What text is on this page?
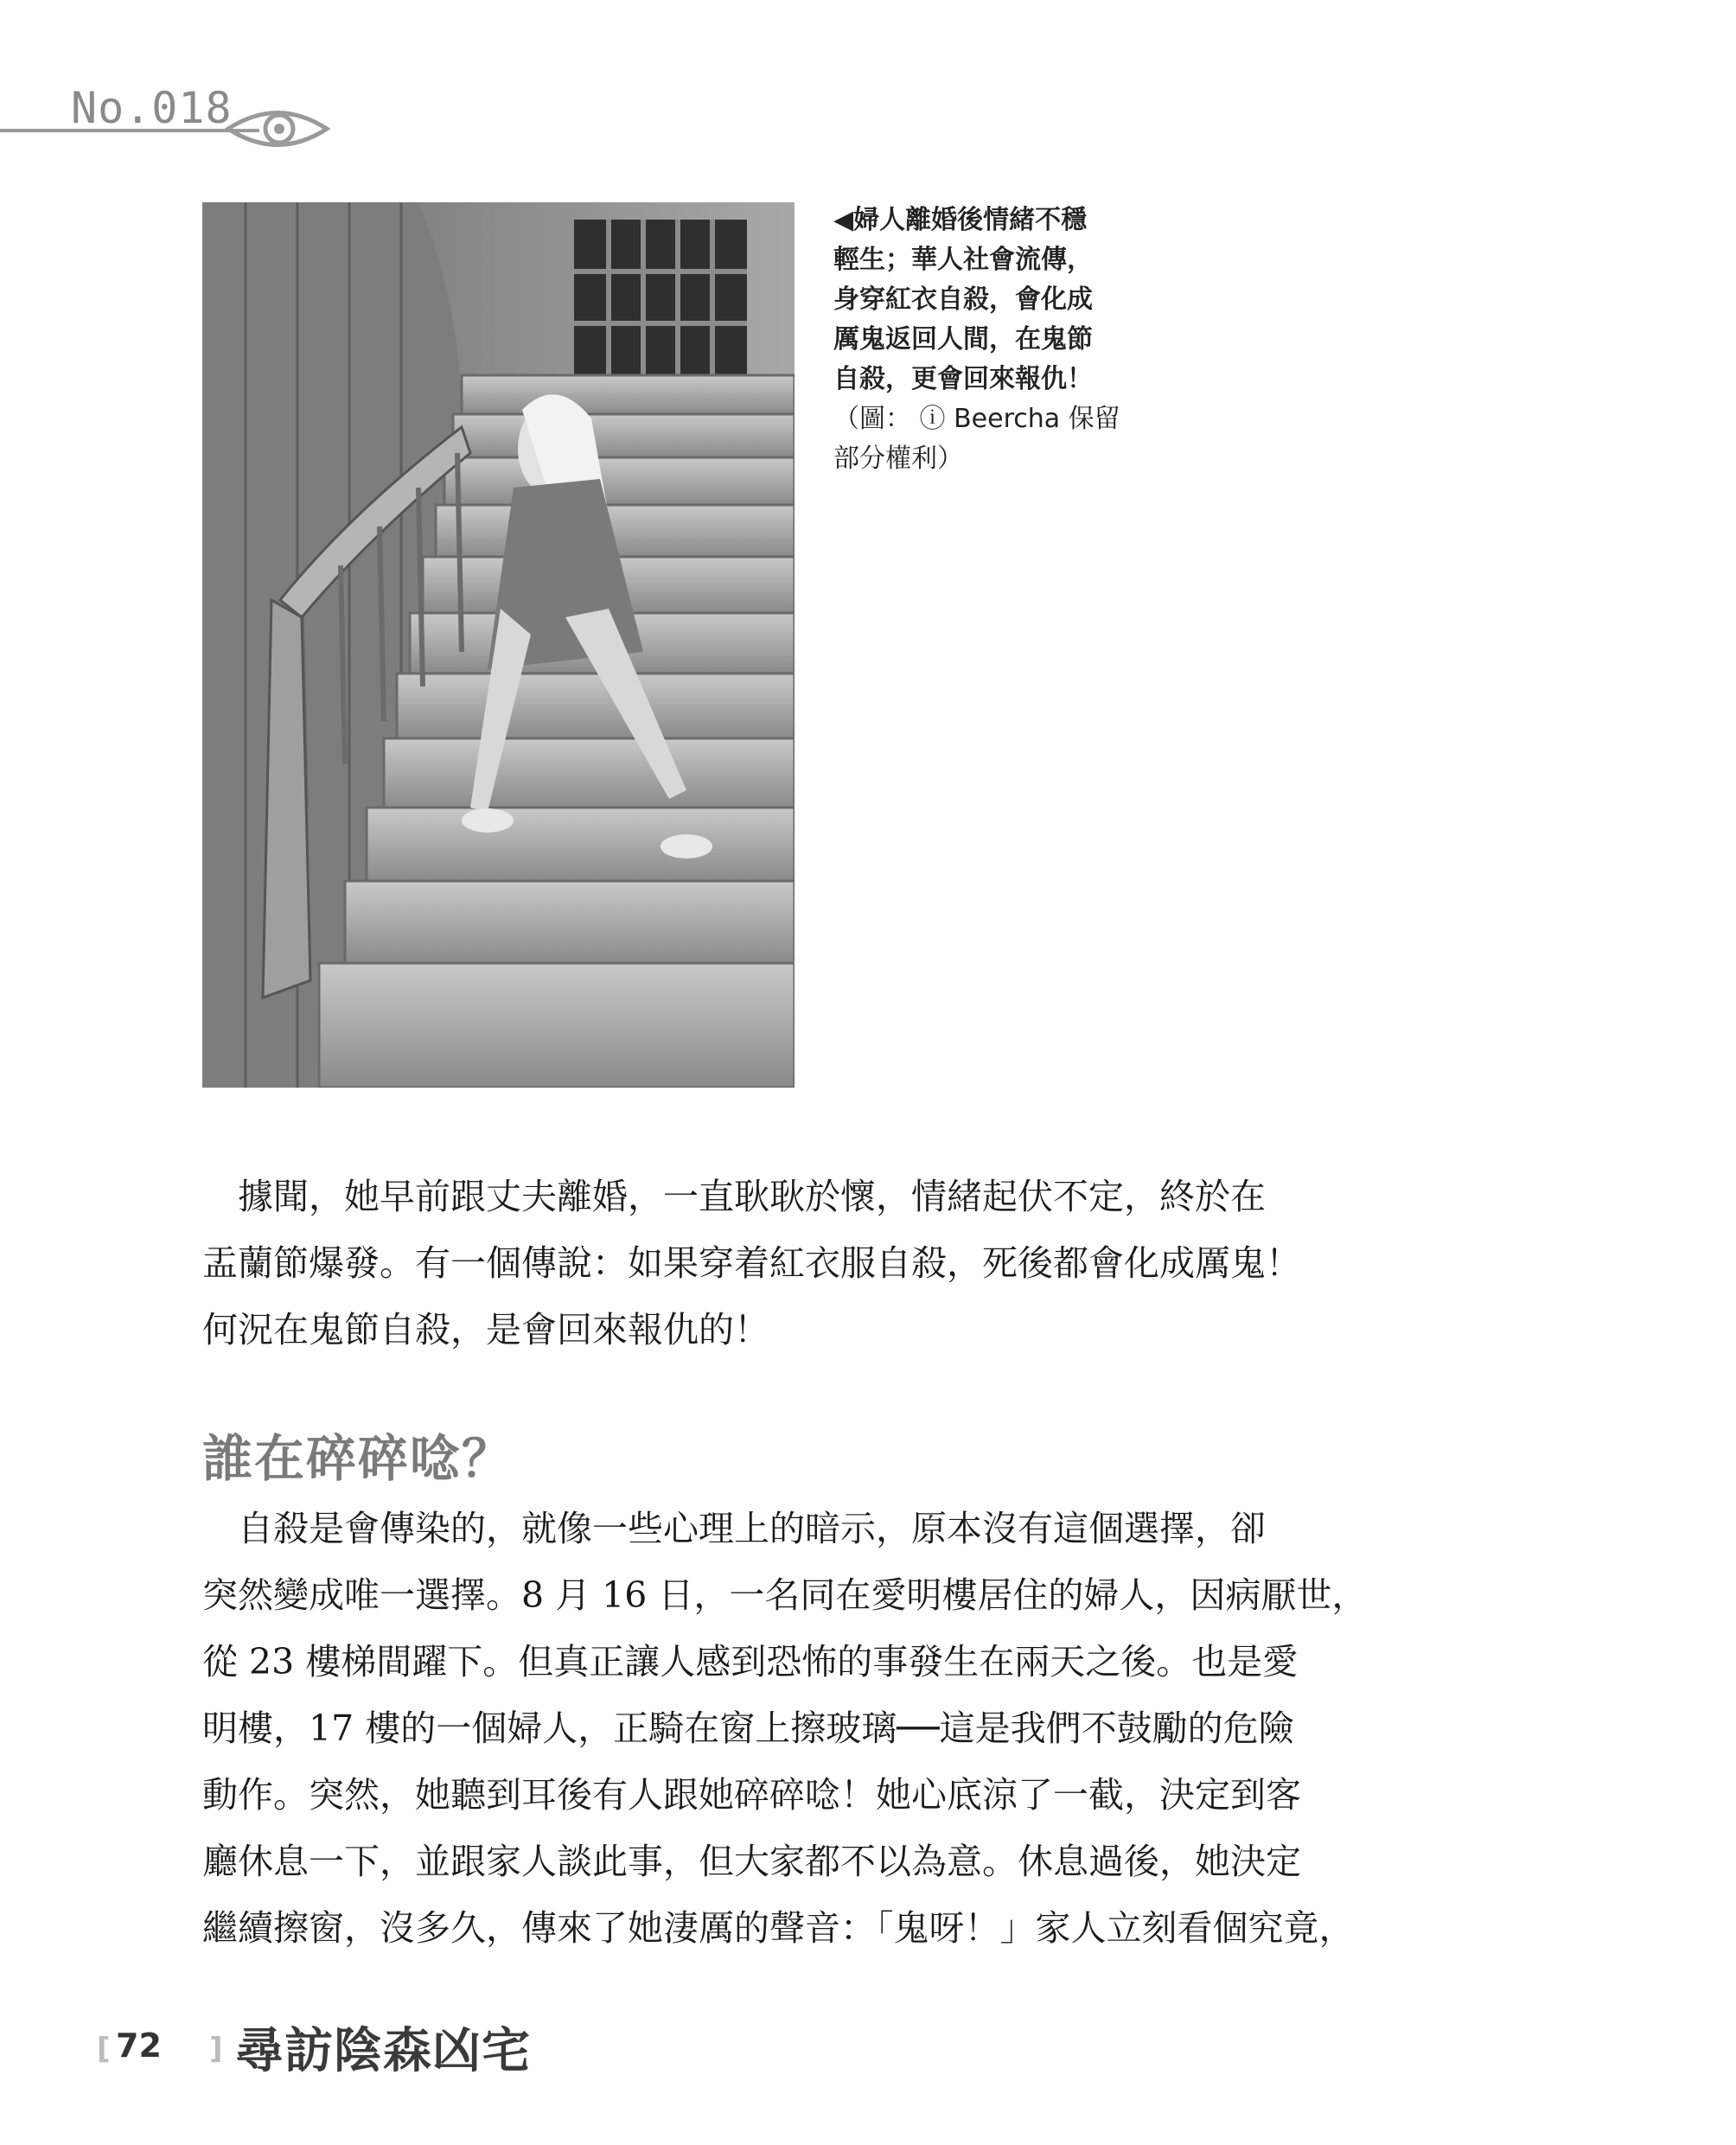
No.018
◀婦人離婚後情緒不穩
輕生；華人社會流傳，
身穿紅衣自殺，會化成
厲鬼返回人間，在鬼節
自殺，更會回來報仇！
（圖： ⓘ Beercha 保留
部分權利）
　據聞，她早前跟丈夫離婚，一直耿耿於懷，情緒起伏不定，終於在
盂蘭節爆發。有一個傳說：如果穿着紅衣服自殺，死後都會化成厲鬼！
何況在鬼節自殺，是會回來報仇的！
誰在碎碎唸？
　自殺是會傳染的，就像一些心理上的暗示，原本沒有這個選擇，卻
突然變成唯一選擇。8 月 16 日，一名同在愛明樓居住的婦人，因病厭世，
從 23 樓梯間躍下。但真正讓人感到恐怖的事發生在兩天之後。也是愛
明樓，17 樓的一個婦人，正騎在窗上擦玻璃──這是我們不鼓勵的危險
動作。突然，她聽到耳後有人跟她碎碎唸！她心底涼了一截，決定到客
廳休息一下，並跟家人談此事，但大家都不以為意。休息過後，她決定
繼續擦窗，沒多久，傳來了她淒厲的聲音：「鬼呀！」家人立刻看個究竟，
[ 72 ] 尋訪陰森凶宅
